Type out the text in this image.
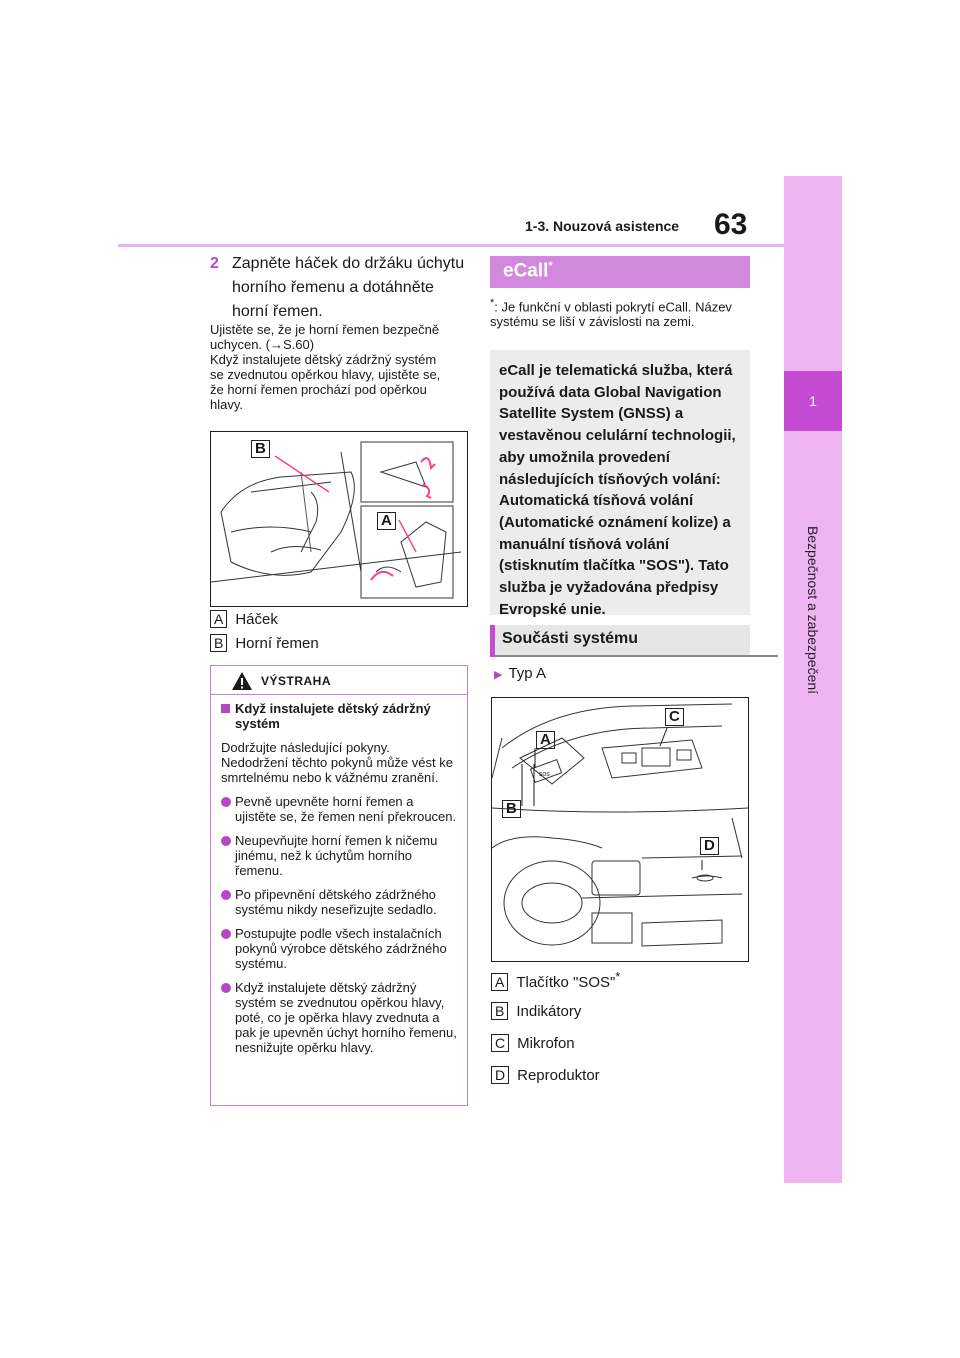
1-3. Nouzová asistence 63
1
Bezpečnost a zabezpečení
2 Zapněte háček do držáku úchytu horního řemenu a dotáhněte horní řemen.
Ujistěte se, že je horní řemen bezpečně
uchycen. (→S.60)
Když instalujete dětský zádržný systém
se zvednutou opěrkou hlavy, ujistěte se,
že horní řemen prochází pod opěrkou
hlavy.
B
A
A Háček
B Horní řemen
VÝSTRAHA
Když instalujete dětský zádržný systém
Dodržujte následující pokyny. Nedodržení těchto pokynů může vést ke smrtelnému nebo k vážnému zranění.
Pevně upevněte horní řemen a ujistěte se, že řemen není překroucen.
Neupevňujte horní řemen k ničemu jinému, než k úchytům horního řemenu.
Po připevnění dětského zádržného systému nikdy neseřizujte sedadlo.
Postupujte podle všech instalačních pokynů výrobce dětského zádržného systému.
Když instalujete dětský zádržný systém se zvednutou opěrkou hlavy, poté, co je opěrka hlavy zvednuta a pak je upevněn úchyt horního řemenu, nesnižujte opěrku hlavy.
eCall*
*: Je funkční v oblasti pokrytí eCall. Název systému se liší v závislosti na zemi.
eCall je telematická služba, která používá data Global Navigation Satellite System (GNSS) a vestavěnou celulární technologii, aby umožnila provedení následujících tísňových volání: Automatická tísňová volání (Automatické oznámení kolize) a manuální tísňová volání (stisknutím tlačítka "SOS"). Tato služba je vyžadována předpisy Evropské unie.
Součásti systému
▶ Typ A
SOS
A
B
C
D
A Tlačítko "SOS"*
B Indikátory
C Mikrofon
D Reproduktor
